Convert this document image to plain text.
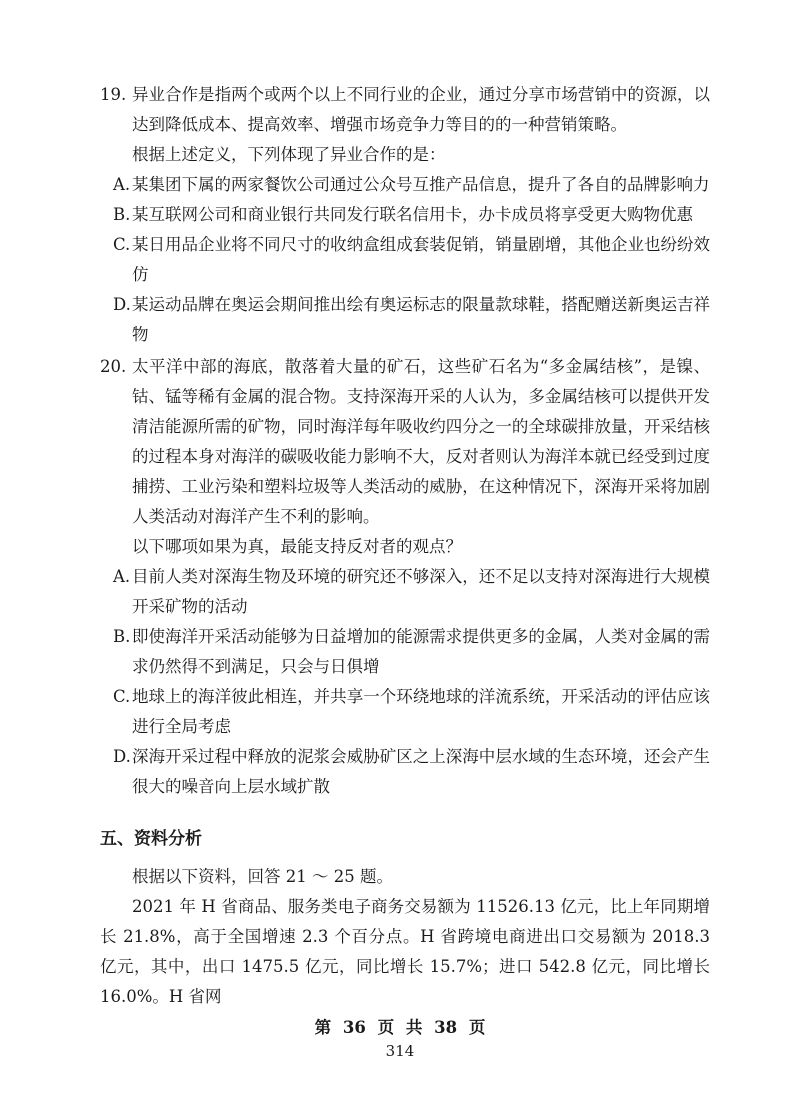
19. 异业合作是指两个或两个以上不同行业的企业，通过分享市场营销中的资源，以达到降低成本、提高效率、增强市场竞争力等目的的一种营销策略。
根据上述定义，下列体现了异业合作的是：
A. 某集团下属的两家餐饮公司通过公众号互推产品信息，提升了各自的品牌影响力
B. 某互联网公司和商业银行共同发行联名信用卡，办卡成员将享受更大购物优惠
C. 某日用品企业将不同尺寸的收纳盒组成套装促销，销量剧增，其他企业也纷纷效仿
D. 某运动品牌在奥运会期间推出绘有奥运标志的限量款球鞋，搭配赠送新奥运吉祥物
20. 太平洋中部的海底，散落着大量的矿石，这些矿石名为“多金属结核”，是镍、钴、锰等稀有金属的混合物。支持深海开采的人认为，多金属结核可以提供开发清洁能源所需的矿物，同时海洋每年吸收约四分之一的全球碳排放量，开采结核的过程本身对海洋的碳吸收能力影响不大，反对者则认为海洋本就已经受到过度捕捞、工业污染和塑料垃圾等人类活动的威胁，在这种情况下，深海开采将加剧人类活动对海洋产生不利的影响。
以下哪项如果为真，最能支持反对者的观点？
A. 目前人类对深海生物及环境的研究还不够深入，还不足以支持对深海进行大规模开采矿物的活动
B. 即使海洋开采活动能够为日益增加的能源需求提供更多的金属，人类对金属的需求仍然得不到满足，只会与日俱增
C. 地球上的海洋彼此相连，并共享一个环绕地球的洋流系统，开采活动的评估应该进行全局考虑
D. 深海开采过程中释放的泥浆会威胁矿区之上深海中层水域的生态环境，还会产生很大的噪音向上层水域扩散
五、资料分析
根据以下资料，回答 21 ～ 25 题。
2021 年 H 省商品、服务类电子商务交易额为 11526.13 亿元，比上年同期增长 21.8%，高于全国增速 2.3 个百分点。H 省跨境电商进出口交易额为 2018.3 亿元，其中，出口 1475.5 亿元，同比增长 15.7%；进口 542.8 亿元，同比增长 16.0%。H 省网
第 36 页 共 38 页
314
